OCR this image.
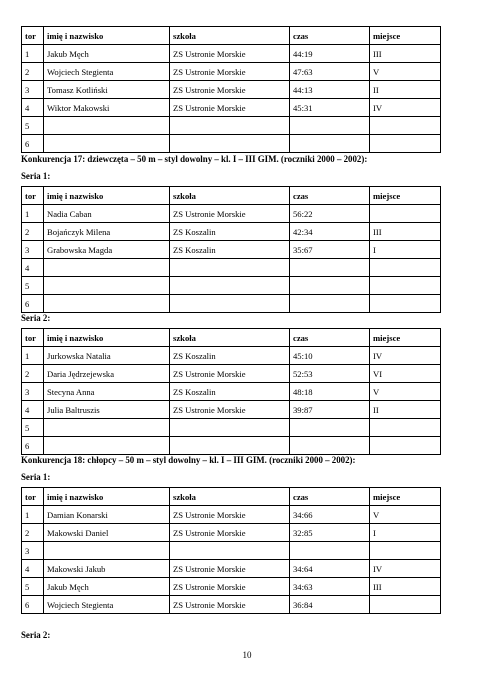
tor	imię i nazwisko	szkoła	czas	miejsce
1	Jakub Męch	ZS Ustronie Morskie	44:19	III
2	Wojciech Stegienta	ZS Ustronie Morskie	47:63	V
3	Tomasz Kotliński	ZS Ustronie Morskie	44:13	II
4	Wiktor Makowski	ZS Ustronie Morskie	45:31	IV
5				
6				
Konkurencja 17: dziewczęta – 50 m – styl dowolny – kl. I – III GIM. (roczniki 2000 – 2002):
Seria 1:
tor	imię i nazwisko	szkoła	czas	miejsce
1	Nadia Caban	ZS Ustronie Morskie	56:22	
2	Bojańczyk Milena	ZS Koszalin	42:34	III
3	Grabowska Magda	ZS Koszalin	35:67	I
4				
5				
6				
Seria 2:
tor	imię i nazwisko	szkoła	czas	miejsce
1	Jurkowska Natalia	ZS Koszalin	45:10	IV
2	Daria Jędrzejewska	ZS Ustronie Morskie	52:53	VI
3	Stecyna Anna	ZS Koszalin	48:18	V
4	Julia Baltruszis	ZS Ustronie Morskie	39:87	II
5				
6				
Konkurencja 18: chłopcy – 50 m – styl dowolny – kl. I – III GIM. (roczniki 2000 – 2002):
Seria 1:
tor	imię i nazwisko	szkoła	czas	miejsce
1	Damian Konarski	ZS Ustronie Morskie	34:66	V
2	Makowski Daniel	ZS Ustronie Morskie	32:85	I
3				
4	Makowski Jakub	ZS Ustronie Morskie	34:64	IV
5	Jakub Męch	ZS Ustronie Morskie	34:63	III
6	Wojciech Stegienta	ZS Ustronie Morskie	36:84	
Seria 2:
10
